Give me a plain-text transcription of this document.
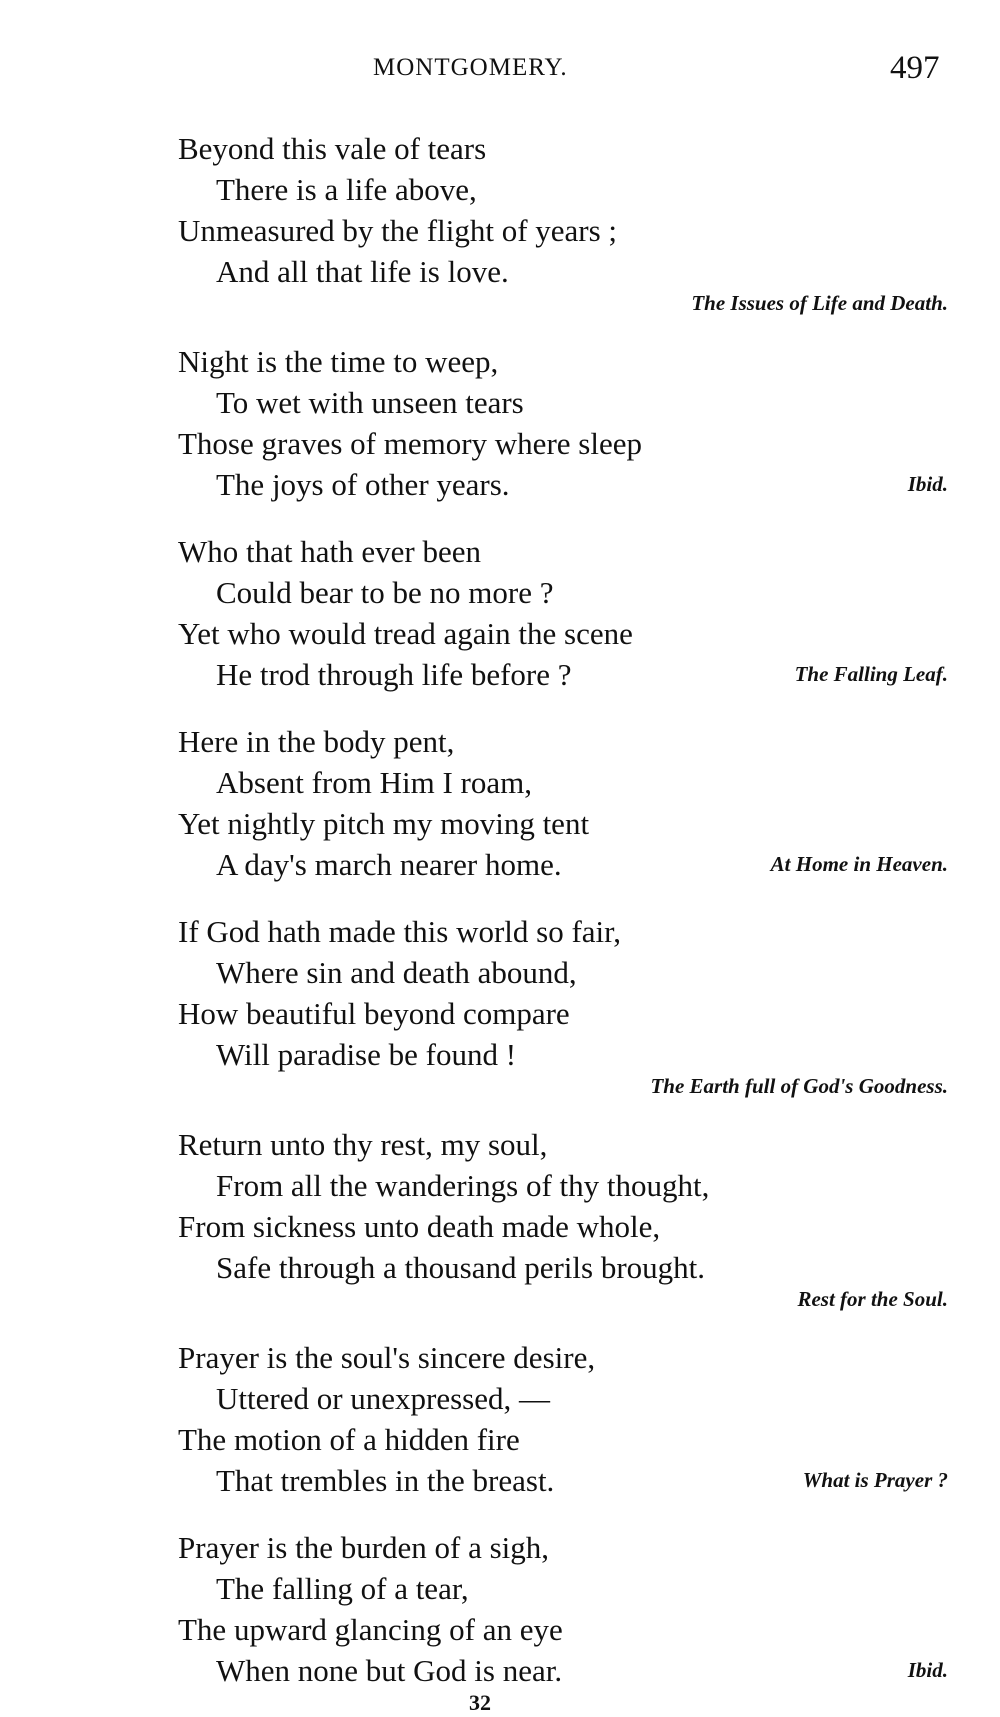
MONTGOMERY.	497

Beyond this vale of tears

There is a life above,

Unmeasured by the flight of years ;

And all that life is love.

The Issues of Life and Death.

Night is the time to weep,

To wet with unseen tears

Those graves of memory where sleep

The joys of other years.	Ibid.

Who that hath ever been

Could bear to be no more ?

Yet who would tread again the scene

He trod through life before ?	The Falling Leaf.

Here in the body pent,

Absent from Him I roam,

Yet nightly pitch my moving tent

A day's march nearer home.	At Home in Heaven.

If God hath made this world so fair,

Where sin and death abound,

How beautiful beyond compare

Will paradise be found !

The Earth full of God's Goodness.

Return unto thy rest, my soul,

From all the wanderings of thy thought,

From sickness unto death made whole,

Safe through a thousand perils brought.

Rest for the Soul.

Prayer is the soul's sincere desire,

Uttered or unexpressed, —

The motion of a hidden fire

That trembles in the breast.	What is Prayer ?

Prayer is the burden of a sigh,

The falling of a tear,

The upward glancing of an eye

When none but God is near.	Ibid.

32
